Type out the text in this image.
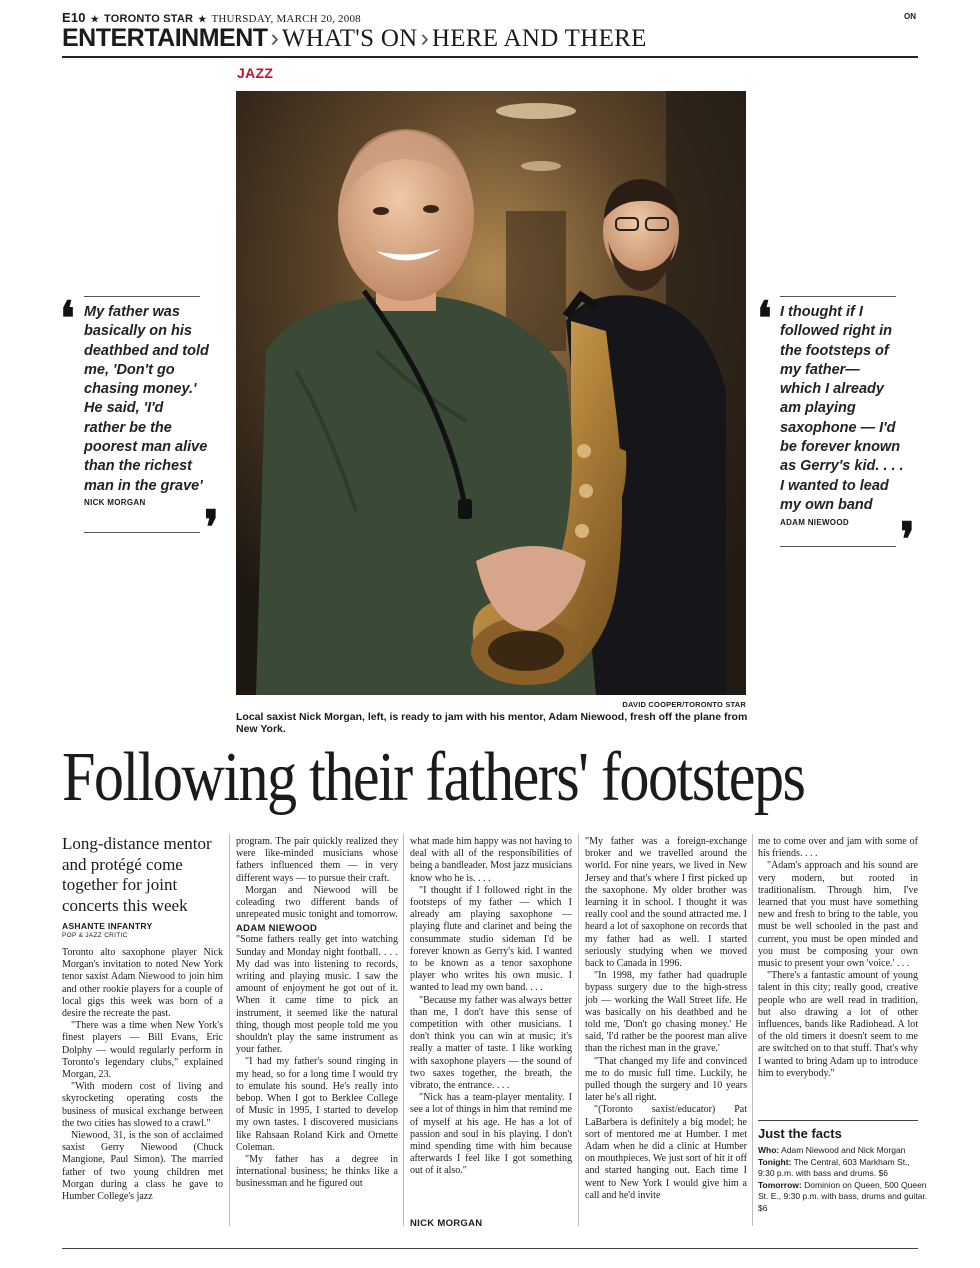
E10 ★ TORONTO STAR ★ THURSDAY, MARCH 20, 2008	ON
ENTERTAINMENT › WHAT'S ON › HERE AND THERE
JAZZ
DAVID COOPER/TORONTO STAR
Local saxist Nick Morgan, left, is ready to jam with his mentor, Adam Niewood, fresh off the plane from New York.
❛ My father was
basically on his
deathbed and told
me, 'Don't go
chasing money.'
He said, 'I'd
rather be the
poorest man alive
than the richest
man in the grave'
NICK MORGAN ❜
❛ I thought if I
followed right in
the footsteps of
my father—
which I already
am playing
saxophone — I'd
be forever known
as Gerry's kid. . . .
I wanted to lead
my own band
ADAM NIEWOOD ❜
Following their fathers' footsteps
Long-distance mentor and protégé come together for joint concerts this week
ASHANTE INFANTRY
POP & JAZZ CRITIC

Toronto alto saxophone player Nick Morgan's invitation to noted New York tenor saxist Adam Niewood to join him and other rookie players for a couple of local gigs this week was born of a desire the recreate the past.

"There was a time when New York's finest players — Bill Evans, Eric Dolphy — would regularly perform in Toronto's legendary clubs," explained Morgan, 23.

"With modern cost of living and skyrocketing operating costs the business of musical exchange between the two cities has slowed to a crawl."

Niewood, 31, is the son of acclaimed saxist Gerry Niewood (Chuck Mangione, Paul Simon). The married father of two young children met Morgan during a class he gave to Humber College's jazz

program. The pair quickly realized they were like-minded musicians whose fathers influenced them — in very different ways — to pursue their craft.

Morgan and Niewood will be coleading two different bands of unrepeated music tonight and tomorrow.

ADAM NIEWOOD

"Some fathers really get into watching Sunday and Monday night football. . . . My dad was into listening to records, writing and playing music. I saw the amount of enjoyment he got out of it. When it came time to pick an instrument, it seemed like the natural thing, though most people told me you shouldn't play the same instrument as your father.

"I had my father's sound ringing in my head, so for a long time I would try to emulate his sound. He's really into bebop. When I got to Berklee College of Music in 1995, I started to develop my own tastes. I discovered musicians like Rahsaan Roland Kirk and Ornette Coleman.

"My father has a degree in international business; he thinks like a businessman and he figured out

what made him happy was not having to deal with all of the responsibilities of being a bandleader. Most jazz musicians know who he is. . . .

"I thought if I followed right in the footsteps of my father — which I already am playing saxophone — playing flute and clarinet and being the consummate studio sideman I'd be forever known as Gerry's kid. I wanted to be known as a tenor saxophone player who writes his own music. I wanted to lead my own band. . . .

"Because my father was always better than me, I don't have this sense of competition with other musicians. I don't think you can win at music; it's really a matter of taste. I like working with saxophone players — the sound of two saxes together, the breath, the vibrato, the entrance. . . .

"Nick has a team-player mentality. I see a lot of things in him that remind me of myself at his age. He has a lot of passion and soul in his playing. I don't mind spending time with him because afterwards I feel like I got something out of it also."

NICK MORGAN

"My father was a foreign-exchange broker and we travelled around the world. For nine years, we lived in New Jersey and that's where I first picked up the saxophone. My older brother was learning it in school. I thought it was really cool and the sound attracted me. I heard a lot of saxophone on records that my father had as well. I started seriously studying when we moved back to Canada in 1996.

"In 1998, my father had quadruple bypass surgery due to the high-stress job — working the Wall Street life. He was basically on his deathbed and he told me, 'Don't go chasing money.' He said, 'I'd rather be the poorest man alive than the richest man in the grave.'

"That changed my life and convinced me to do music full time. Luckily, he pulled though the surgery and 10 years later he's all right.

"(Toronto saxist/educator) Pat LaBarbera is definitely a big model; he sort of mentored me at Humber. I met Adam when he did a clinic at Humber on mouthpieces. We just sort of hit it off and started hanging out. Each time I went to New York I would give him a call and he'd invite

me to come over and jam with some of his friends. . . .

"Adam's approach and his sound are very modern, but rooted in traditionalism. Through him, I've learned that you must have something new and fresh to bring to the table, you must be well schooled in the past and current, you must be open minded and you must be composing your own music to present your own 'voice.' . . .

"There's a fantastic amount of young talent in this city; really good, creative people who are well read in tradition, but also drawing a lot of other influences, bands like Radiohead. A lot of the old timers it doesn't seem to me are switched on to that stuff. That's why I wanted to bring Adam up to introduce him to everybody."

Just the facts
Who: Adam Niewood and Nick Morgan
Tonight: The Central, 603 Markham St., 9:30 p.m. with bass and drums. $6
Tomorrow: Dominion on Queen, 500 Queen St. E., 9:30 p.m. with bass, drums and guitar. $6
